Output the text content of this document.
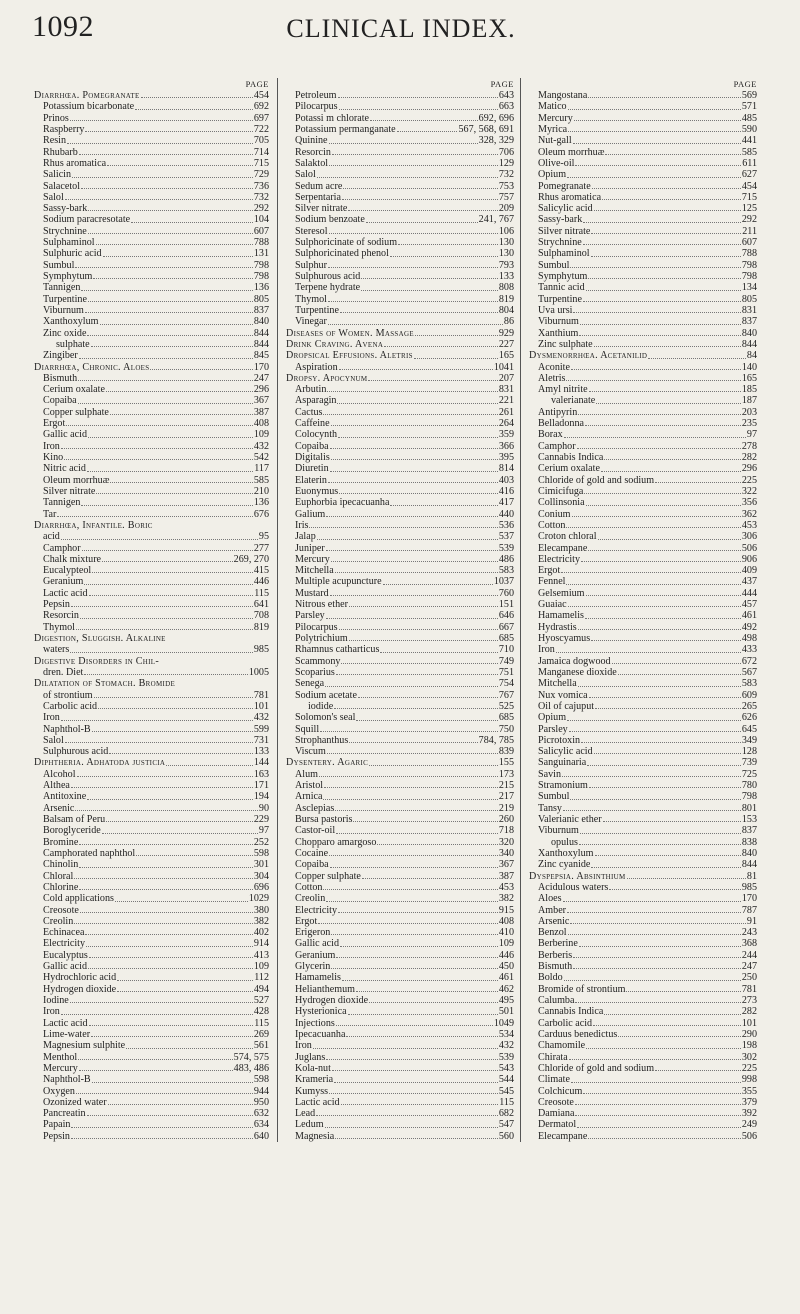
1092	CLINICAL INDEX.
PAGE
Diarrhœa. Pomegranate	454
Potassium bicarbonate	692
Prinos	697
Raspberry	722
Resin	705
Rhubarb	714
Rhus aromatica	715
Salicin	729
Salacetol	736
Salol	732
Sassy-bark	292
Sodium paracresotate	104
Strychnine	607
Sulphaminol	788
Sulphuric acid	131
Sumbul	798
Symphytum	798
Tannigen	136
Turpentine	805
Viburnum	837
Xanthoxylum	840
Zinc oxide	844
sulphate	844
Zingiber	845
Diarrhœa, Chronic. Aloes	170
Bismuth	247
Cerium oxalate	296
Copaiba	367
Copper sulphate	387
Ergot	408
Gallic acid	109
Iron	432
Kino	542
Nitric acid	117
Oleum morrhuæ	585
Silver nitrate	210
Tannigen	136
Tar	676
Diarrhœa, Infantile. Boric
acid	95
Camphor	277
Chalk mixture	269, 270
Eucalypteol	415
Geranium	446
Lactic acid	115
Pepsin	641
Resorcin	708
Thymol	819
Digestion, Sluggish. Alkaline
waters	985
Digestive Disorders in Chil-
dren. Diet	1005
Dilatation of Stomach. Bromide
of strontium	781
Carbolic acid	101
Iron	432
Naphthol-B	599
Salol	731
Sulphurous acid	133
Diphtheria. Adhatoda justicia	144
Alcohol	163
Althea	171
Antitoxine	194
Arsenic	90
Balsam of Peru	229
Boroglyceride	97
Bromine	252
Camphorated naphthol	598
Chinolin	301
Chloral	304
Chlorine	696
Cold applications	1029
Creosote	380
Creolin	382
Echinacea	402
Electricity	914
Eucalyptus	413
Gallic acid	109
Hydrochloric acid	112
Hydrogen dioxide	494
Iodine	527
Iron	428
Lactic acid	115
Lime-water	269
Magnesium sulphite	561
Menthol	574, 575
Mercury	483, 486
Naphthol-B	598
Oxygen	944
Ozonized water	950
Pancreatin	632
Papain	634
Pepsin	640
PAGE
Petroleum	643
Pilocarpus	663
Potassi m chlorate	692, 696
Potassium permanganate	567, 568, 691
Quinine	328, 329
Resorcin	706
Salaktol	129
Salol	732
Sedum acre	753
Serpentaria	757
Silver nitrate	209
Sodium benzoate	241, 767
Steresol	106
Sulphoricinate of sodium	130
Sulphoricinated phenol	130
Sulphur	793
Sulphurous acid	133
Terpene hydrate	808
Thymol	819
Turpentine	804
Vinegar	86
Diseases of Women. Massage	929
Drink Craving. Avena	227
Dropsical Effusions. Aletris	165
Aspiration	1041
Dropsy. Apocynum	207
Arbutin	831
Asparagin	221
Cactus	261
Caffeine	264
Colocynth	359
Copaiba	366
Digitalis	395
Diuretin	814
Elaterin	403
Euonymus	416
Euphorbia ipecacuanha	417
Galium	440
Iris	536
Jalap	537
Juniper	539
Mercury	486
Mitchella	583
Multiple acupuncture	1037
Mustard	760
Nitrous ether	151
Parsley	646
Pilocarpus	667
Polytrichium	685
Rhamnus catharticus	710
Scammony	749
Scoparius	751
Senega	754
Sodium acetate	767
iodide	525
Solomon's seal	685
Squill	750
Strophanthus	784, 785
Viscum	839
Dysentery. Agaric	155
Alum	173
Aristol	215
Arnica	217
Asclepias	219
Bursa pastoris	260
Castor-oil	718
Chopparo amargoso	320
Cocaine	340
Copaiba	367
Copper sulphate	387
Cotton	453
Creolin	382
Electricity	915
Ergot	408
Erigeron	410
Gallic acid	109
Geranium	446
Glycerin	450
Hamamelis	461
Helianthemum	462
Hydrogen dioxide	495
Hysterionica	501
Injections	1049
Ipecacuanha	534
Iron	432
Juglans	539
Kola-nut	543
Krameria	544
Kumyss	545
Lactic acid	115
Lead	682
Ledum	547
Magnesia	560
PAGE
Mangostana	569
Matico	571
Mercury	485
Myrica	590
Nut-gall	441
Oleum morrhuæ	585
Olive-oil	611
Opium	627
Pomegranate	454
Rhus aromatica	715
Salicylic acid	125
Sassy-bark	292
Silver nitrate	211
Strychnine	607
Sulphaminol	788
Sumbul	798
Symphytum	798
Tannic acid	134
Turpentine	805
Uva ursi	831
Viburnum	837
Xanthium	840
Zinc sulphate	844
Dysmenorrhœa. Acetanilid	84
Aconite	140
Aletris	165
Amyl nitrite	185
valerianate	187
Antipyrin	203
Belladonna	235
Borax	97
Camphor	278
Cannabis Indica	282
Cerium oxalate	296
Chloride of gold and sodium	225
Cimicifuga	322
Collinsonia	356
Conium	362
Cotton	453
Croton chloral	306
Elecampane	506
Electricity	906
Ergot	409
Fennel	437
Gelsemium	444
Guaiac	457
Hamamelis	461
Hydrastis	492
Hyoscyamus	498
Iron	433
Jamaica dogwood	672
Manganese dioxide	567
Mitchella	583
Nux vomica	609
Oil of cajuput	265
Opium	626
Parsley	645
Picrotoxin	349
Salicylic acid	128
Sanguinaria	739
Savin	725
Stramonium	780
Sumbul	798
Tansy	801
Valerianic ether	153
Viburnum	837
opulus	838
Xanthoxylum	840
Zinc cyanide	844
Dyspepsia. Absinthium	81
Acidulous waters	985
Aloes	170
Amber	787
Arsenic	91
Benzol	243
Berberine	368
Berberis	244
Bismuth	247
Boldo	250
Bromide of strontium	781
Calumba	273
Cannabis Indica	282
Carbolic acid	101
Carduus benedictus	290
Chamomile	198
Chirata	302
Chloride of gold and sodium	225
Climate	998
Colchicum	355
Creosote	379
Damiana	392
Dermatol	249
Elecampane	506
